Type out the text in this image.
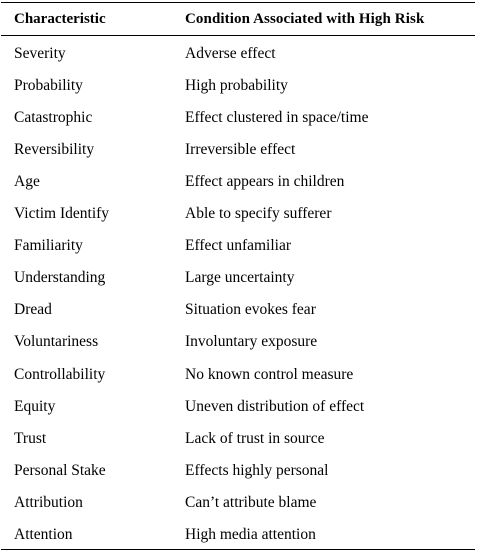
Characteristic	Condition Associated with High Risk
Severity	Adverse effect
Probability	High probability
Catastrophic	Effect clustered in space/time
Reversibility	Irreversible effect
Age	Effect appears in children
Victim Identify	Able to specify sufferer
Familiarity	Effect unfamiliar
Understanding	Large uncertainty
Dread	Situation evokes fear
Voluntariness	Involuntary exposure
Controllability	No known control measure
Equity	Uneven distribution of effect
Trust	Lack of trust in source
Personal Stake	Effects highly personal
Attribution	Can’t attribute blame
Attention	High media attention
